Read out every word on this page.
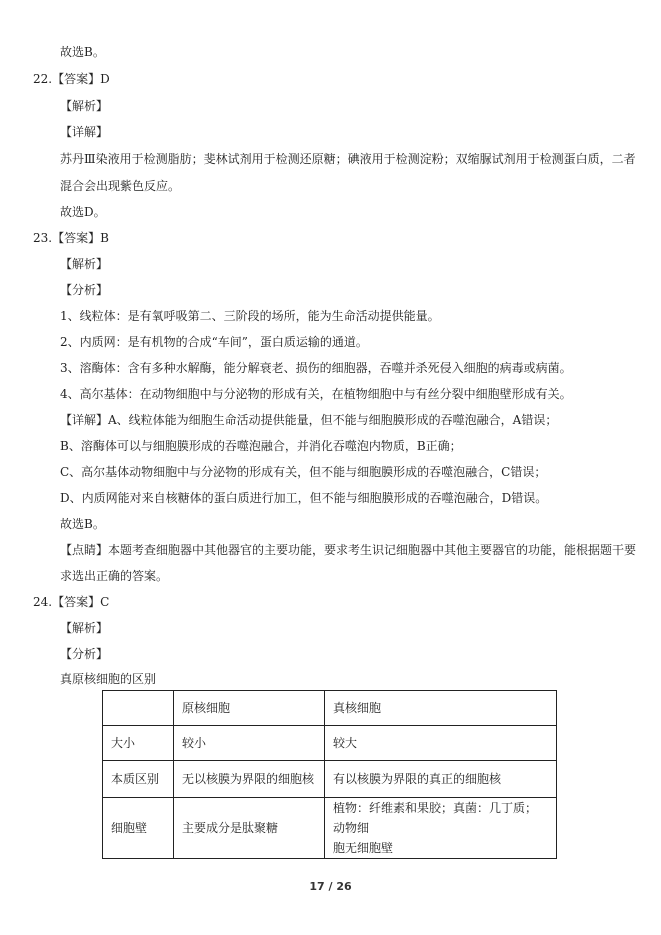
故选B。
22.【答案】D
【解析】
【详解】
苏丹Ⅲ染液用于检测脂肪；斐林试剂用于检测还原糖；碘液用于检测淀粉；双缩脲试剂用于检测蛋白质，二者
混合会出现紫色反应。
故选D。
23.【答案】B
【解析】
【分析】
1、线粒体：是有氧呼吸第二、三阶段的场所，能为生命活动提供能量。
2、内质网：是有机物的合成“车间”，蛋白质运输的通道。
3、溶酶体：含有多种水解酶，能分解衰老、损伤的细胞器，吞噬并杀死侵入细胞的病毒或病菌。
4、高尔基体：在动物细胞中与分泌物的形成有关，在植物细胞中与有丝分裂中细胞壁形成有关。
【详解】A、线粒体能为细胞生命活动提供能量，但不能与细胞膜形成的吞噬泡融合，A错误；
B、溶酶体可以与细胞膜形成的吞噬泡融合，并消化吞噬泡内物质，B正确；
C、高尔基体动物细胞中与分泌物的形成有关，但不能与细胞膜形成的吞噬泡融合，C错误；
D、内质网能对来自核糖体的蛋白质进行加工，但不能与细胞膜形成的吞噬泡融合，D错误。
故选B。
【点睛】本题考查细胞器中其他器官的主要功能，要求考生识记细胞器中其他主要器官的功能，能根据题干要
求选出正确的答案。
24.【答案】C
【解析】
【分析】
真原核细胞的区别
	原核细胞	真核细胞
大小	较小	较大
本质区别	无以核膜为界限的细胞核	有以核膜为界限的真正的细胞核
细胞壁	主要成分是肽聚糖	植物：纤维素和果胶；真菌：几丁质；动物细
胞无细胞壁
17 / 26
